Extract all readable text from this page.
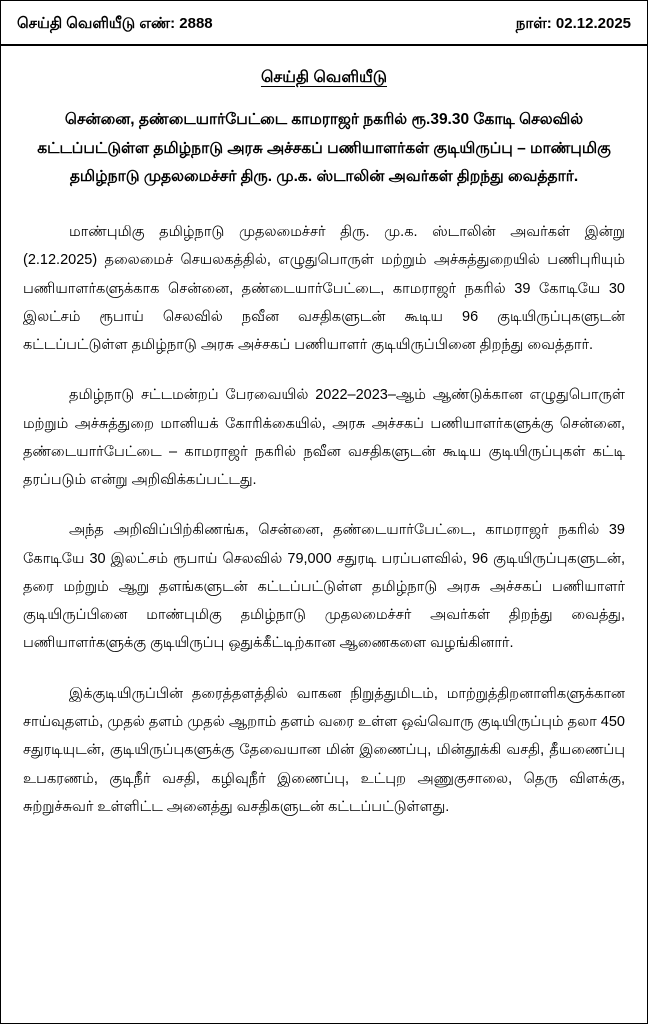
செய்தி வெளியீடு எண்: 2888	நாள்: 02.12.2025
செய்தி வெளியீடு
சென்னை, தண்டையார்பேட்டை காமராஜர் நகரில் ரூ.39.30 கோடி செலவில் கட்டப்பட்டுள்ள தமிழ்நாடு அரசு அச்சகப் பணியாளர்கள் குடியிருப்பு – மாண்புமிகு தமிழ்நாடு முதலமைச்சர் திரு. மு.க. ஸ்டாலின் அவர்கள் திறந்து வைத்தார்.

மாண்புமிகு தமிழ்நாடு முதலமைச்சர் திரு. மு.க. ஸ்டாலின் அவர்கள் இன்று (2.12.2025) தலைமைச் செயலகத்தில், எழுதுபொருள் மற்றும் அச்சுத்துறையில் பணிபுரியும் பணியாளர்களுக்காக சென்னை, தண்டையார்பேட்டை, காமராஜர் நகரில் 39 கோடியே 30 இலட்சம் ரூபாய் செலவில் நவீன வசதிகளுடன் கூடிய 96 குடியிருப்புகளுடன் கட்டப்பட்டுள்ள தமிழ்நாடு அரசு அச்சகப் பணியாளர் குடியிருப்பினை திறந்து வைத்தார்.

தமிழ்நாடு சட்டமன்றப் பேரவையில் 2022–2023–ஆம் ஆண்டுக்கான எழுதுபொருள் மற்றும் அச்சுத்துறை மானியக் கோரிக்கையில், அரசு அச்சகப் பணியாளர்களுக்கு சென்னை, தண்டையார்பேட்டை – காமராஜர் நகரில் நவீன வசதிகளுடன் கூடிய குடியிருப்புகள் கட்டி தரப்படும் என்று அறிவிக்கப்பட்டது.

அந்த அறிவிப்பிற்கிணங்க, சென்னை, தண்டையார்பேட்டை, காமராஜர் நகரில் 39 கோடியே 30 இலட்சம் ரூபாய் செலவில் 79,000 சதுரடி பரப்பளவில், 96 குடியிருப்புகளுடன், தரை மற்றும் ஆறு தளங்களுடன் கட்டப்பட்டுள்ள தமிழ்நாடு அரசு அச்சகப் பணியாளர் குடியிருப்பினை மாண்புமிகு தமிழ்நாடு முதலமைச்சர் அவர்கள் திறந்து வைத்து, பணியாளர்களுக்கு குடியிருப்பு ஒதுக்கீட்டிற்கான ஆணைகளை வழங்கினார்.

இக்குடியிருப்பின் தரைத்தளத்தில் வாகன நிறுத்துமிடம், மாற்றுத்திறனாளிகளுக்கான சாய்வுதளம், முதல் தளம் முதல் ஆறாம் தளம் வரை உள்ள ஒவ்வொரு குடியிருப்பும் தலா 450 சதுரடியுடன், குடியிருப்புகளுக்கு தேவையான மின் இணைப்பு, மின்தூக்கி வசதி, தீயணைப்பு உபகரணம், குடிநீர் வசதி, கழிவுநீர் இணைப்பு, உட்புற அணுகுசாலை, தெரு விளக்கு, சுற்றுச்சுவர் உள்ளிட்ட அனைத்து வசதிகளுடன் கட்டப்பட்டுள்ளது.
